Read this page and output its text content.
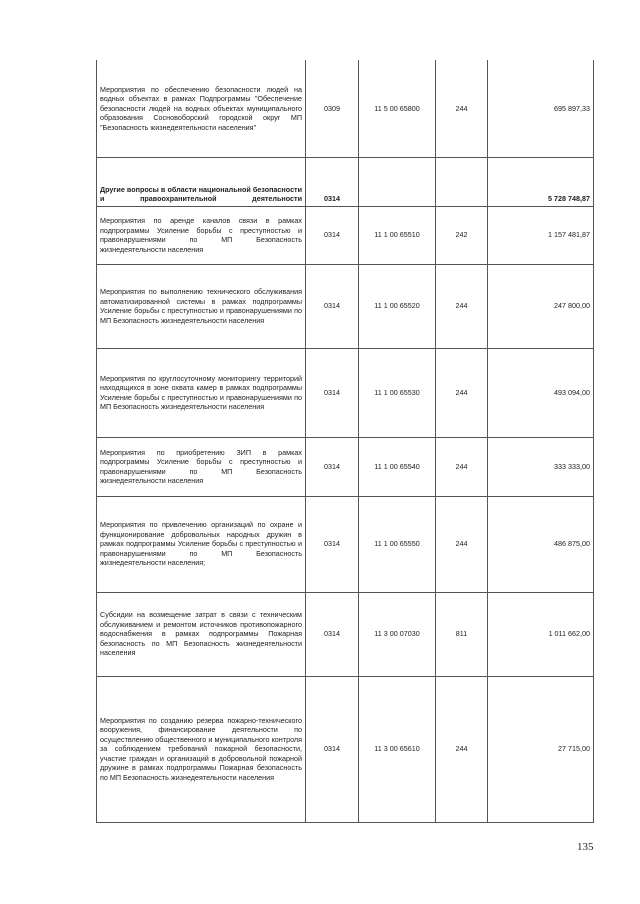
Мероприятия по обеспечению безопасности людей на водных объектах в рамках Подпрограммы "Обеспечение безопасности людей на водных объектах муниципального образования Сосновоборский городской округ МП "Безопасность жизнедеятельности населения"	0309	11 5 00 65800	244	695 897,33
Другие вопросы в области национальной безопасности и правоохранительной деятельности	0314			5 728 748,87
Мероприятия по аренде каналов связи в рамках подпрограммы Усиление борьбы с преступностью и правонарушениями по МП Безопасность жизнедеятельности населения	0314	11 1 00 65510	242	1 157 481,87
Мероприятия по выполнению технического обслуживания автоматизированной системы в рамках подпрограммы Усиление борьбы с преступностью и правонарушениями по МП Безопасность жизнедеятельности населения	0314	11 1 00 65520	244	247 800,00
Мероприятия по круглосуточному мониторингу территорий находящихся в зоне охвата камер в рамках подпрограммы Усиление борьбы с преступностью и правонарушениями по МП Безопасность жизнедеятельности населения	0314	11 1 00 65530	244	493 094,00
Мероприятия по приобретению ЗИП в рамках подпрограммы Усиление борьбы с преступностью и правонарушениями по МП Безопасность жизнедеятельности населения	0314	11 1 00 65540	244	333 333,00
Мероприятия по привлечению организаций по охране и функционирование добровольных народных дружин в рамках подпрограммы Усиление борьбы с преступностью и правонарушениями по МП Безопасность жизнедеятельности населения;	0314	11 1 00 65550	244	486 875,00
Субсидии на возмещение затрат в связи с техническим обслуживанием и ремонтом источников противопожарного водоснабжения в рамках подпрограммы Пожарная безопасность по МП Безопасность жизнедеятельности населения	0314	11 3 00 07030	811	1 011 662,00
Мероприятия по созданию резерва пожарно-технического вооружения, финансирование деятельности по осуществлению общественного и муниципального контроля за соблюдением требований пожарной безопасности, участие граждан и организаций в добровольной пожарной дружине в рамках подпрограммы Пожарная безопасность по МП Безопасность жизнедеятельности населения	0314	11 3 00 65610	244	27 715,00
135
